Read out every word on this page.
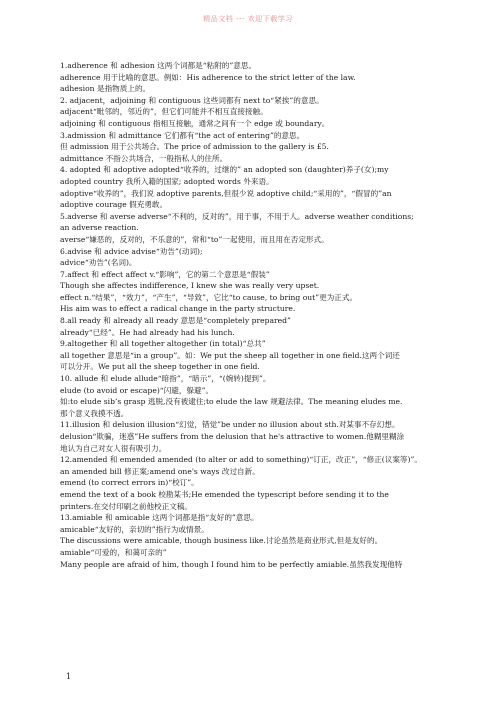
精品文档 --- 欢迎下载学习
1.adherence 和 adhesion 这两个词都是“粘附的”意思。
adherence 用于比喻的意思。例如：His adherence to the strict letter of the law.
adhesion 是指物质上的。
2. adjacent，adjoining 和 contiguous 这些词都有 next to“紧挨”的意思。
adjacent“毗邻的，邻近的”，但它们可能并不相互直接接触。
adjoining 和 contiguous 指相互接触，通常之间有一个 edge 或 boundary。
3.admission 和 admittance 它们都有“the act of entering”的意思。
但 admission 用于公共场合。The price of admission to the gallery is £5.
admittance 不指公共场合，一般指私人的住所。
4. adopted 和 adoptive adopted“收养的，过继的” an adopted son (daughter)养子(女);my
adopted country 我所入籍的国家; adopted words 外来语。
adoptive“收养的”，我们说 adoptive parents,但很少说 adoptive child;“采用的”，“假冒的”an
adoptive courage 假充勇敢。
5.adverse 和 averse adverse“不利的，反对的”，用于事，不用于人。adverse weather conditions;
an adverse reaction.
averse“嫌恶的，反对的，不乐意的”，常和“to”一起使用，而且用在否定形式。
6.advise 和 advice advise“劝告”(动词);
advice“劝告”(名词)。
7.affect 和 effect affect v.“影响”，它的第二个意思是“假装”
Though she affectes indifference, I knew she was really very upset.
effect n.“结果”，“效力”，“产生”，“导致”，它比“to cause, to bring out”更为正式。
His aim was to effect a radical change in the party structure.
8.all ready 和 already all ready 意思是“completely prepared”
already“已经”。He had already had his lunch.
9.altogether 和 all together altogether (in total)“总共”
all together 意思是“in a group”。如：We put the sheep all together in one field.这两个词还
可以分开。We put all the sheep together in one field.
10. allude 和 elude allude“暗指”，“暗示”，“(婉转)提到”。
elude (to avoid or escape)“闪避，躲避”。
如:to elude sib’s grasp 逃脱,没有被逮住;to elude the law 规避法律。The meaning eludes me.
那个意义我摸不透。
11.illusion 和 delusion illusion“幻觉，错觉”be under no illusion about sth.对某事不存幻想。
delusion“欺骗，迷惑”He suffers from the delusion that he's attractive to women.他糊里糊涂
地认为自己对女人很有吸引力。
12.amended 和 emended amended (to alter or add to something)“订正，改正”，“修正(议案等)”。
an amended bill 修正案;amend one's ways 改过自新。
emend (to correct errors in)“校订”。
emend the text of a book 校勘某书;He emended the typescript before sending it to the
printers.在交付印刷之前他校正文稿。
13.amiable 和 amicable 这两个词都是指“友好的”意思。
amicable“友好的，亲切的”指行为或情景。
The discussions were amicable, though business like.讨论虽然是商业形式,但是友好的。
amiable“可爱的，和蔼可亲的”
Many people are afraid of him, though I found him to be perfectly amiable.虽然我发现他特
1
